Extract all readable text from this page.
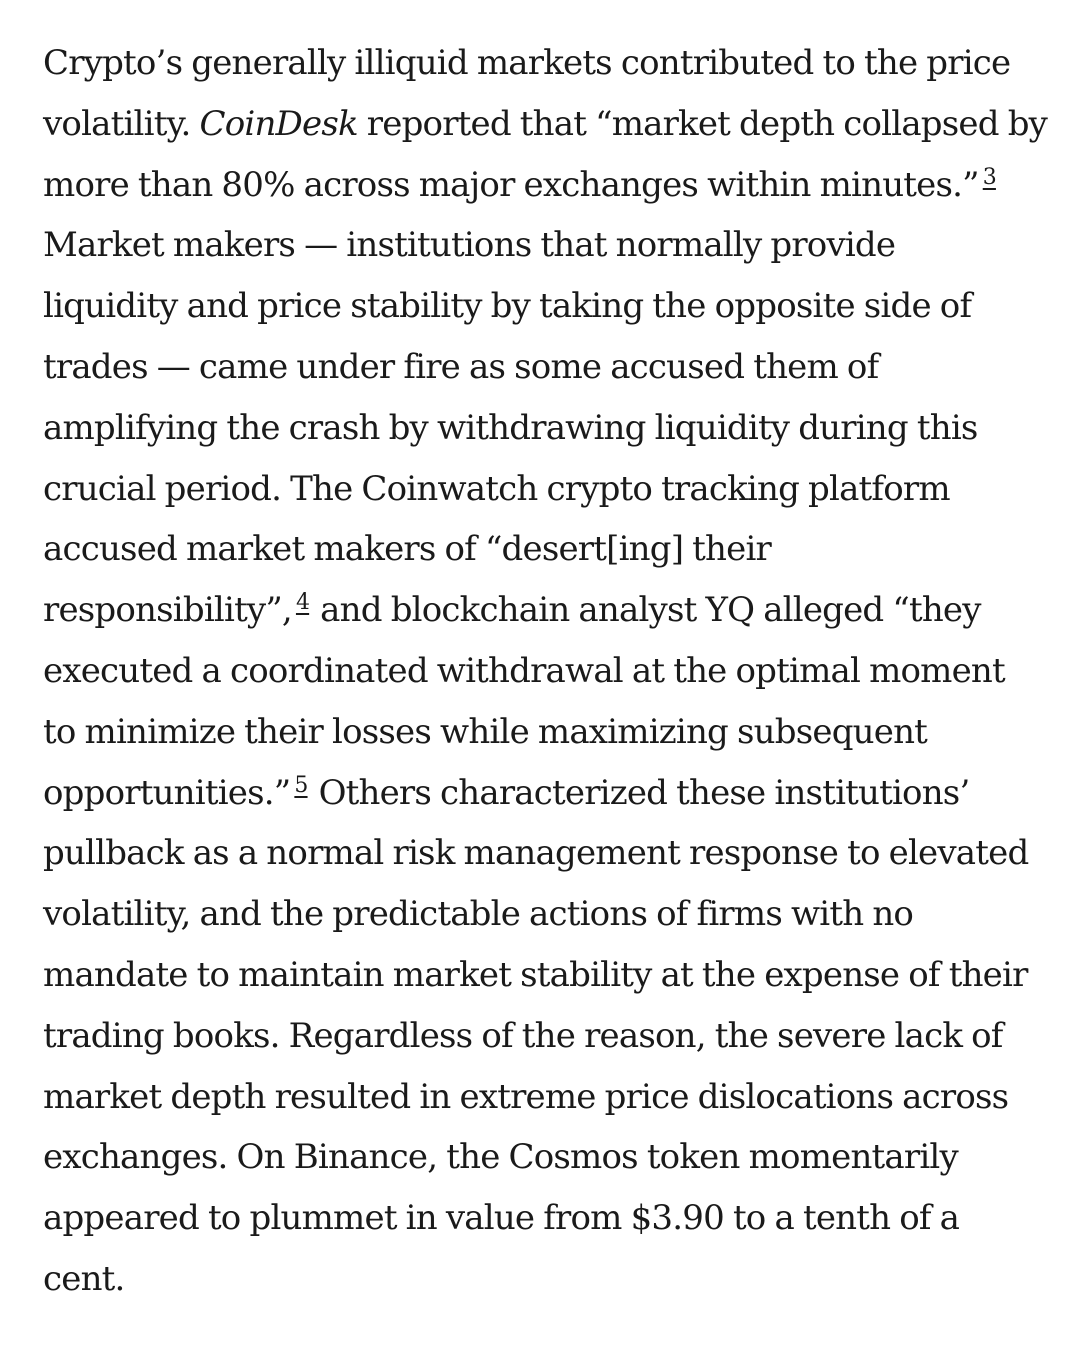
Crypto’s generally illiquid markets contributed to the price
volatility. CoinDesk reported that “market depth collapsed by
more than 80% across major exchanges within minutes.” $^3$
Market makers — institutions that normally provide
liquidity and price stability by taking the opposite side of
trades — came under fire as some accused them of
amplifying the crash by withdrawing liquidity during this
crucial period. The Coinwatch crypto tracking platform
accused market makers of “desert[ing] their
responsibility”, $^4$ and blockchain analyst YQ alleged “they
executed a coordinated withdrawal at the optimal moment
to minimize their losses while maximizing subsequent
opportunities.” $^5$ Others characterized these institutions’
pullback as a normal risk management response to elevated
volatility, and the predictable actions of firms with no
mandate to maintain market stability at the expense of their
trading books. Regardless of the reason, the severe lack of
market depth resulted in extreme price dislocations across
exchanges. On Binance, the Cosmos token momentarily
appeared to plummet in value from $3.90 to a tenth of a
cent.
